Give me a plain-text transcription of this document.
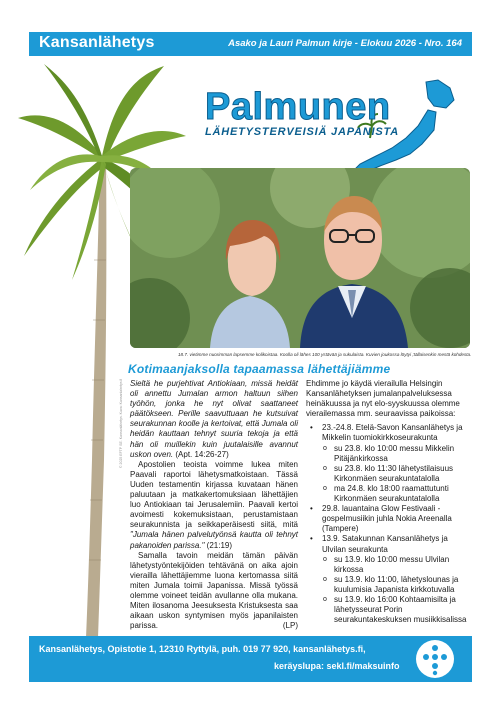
Kansanlähetys	Asako ja Lauri Palmun kirje - Elokuu 2026 - Nro. 164
Palmunen
LÄHETYSTERVEISIÄ JAPANISTA
18.7. vietimme nuorimman lapsemme kolikoistaa. Koolla oli lähes 100 ystävää ja sukulaista. Kuvien joukossa löytyi ;tällaisenkin mestä kohdesta.
Kotimaanjaksolla tapaamassa lähettäjiämme
© 2025 EFTP SE. Kansanlähetys. Kuva: Kansanlahetys.fi Sieltä he purjehtivat Antiokiaan, missä heidät oli annettu Jumalan armon haltuun siihen työhön, jonka he nyt olivat saattaneet päätökseen. Perille saavuttuaan he kutsuivat seurakunnan koolle ja kertoivat, että Jumala oli heidän kauttaan tehnyt suuria tekoja ja että hän oli muillekin kuin juutalaisille avannut uskon oven. (Apt. 14:26-27)

Apostolien teoista voimme lukea miten Paavali raportoi lähetysmatkoistaan. Tässä Uuden testamentin kirjassa kuvataan hänen paluutaan ja matkakertomuksiaan lähettäjien luo Antiokiaan tai Jerusalemiin. Paavali kertoi avoimesti kokemuksistaan, perustamistaan seurakunnista ja seikkaperäisesti siitä, mitä "Jumala hänen palvelutyönsä kautta oli tehnyt pakanoiden parissa." (21:19)

Samalla tavoin meidän tämän päivän lähetystyöntekijöiden tehtävänä on aika ajoin vierailla lähettäjiemme luona kertomassa siitä miten Jumala toimii Japanissa. Missä työssä olemme voineet teidän avullanne olla mukana. Miten ilosanoma Jeesuksesta Kristuksesta saa aikaan uskon syntymisen myös japanilaisten parissa.	(LP)

Ehdimme jo käydä vierailulla Helsingin Kansanlähetyksen jumalanpalveluksessa heinäkuussa ja nyt elo-syyskuussa olemme vierailemassa mm. seuraavissa paikoissa:

• 23.-24.8. Etelä-Savon Kansanlähetys ja Mikkelin tuomiokirkkoseurakunta
o su 23.8. klo 10:00 messu Mikkelin Pitäjänkirkossa
o su 23.8. klo 11:30 lähetystilaisuus Kirkonmäen seurakuntatalolla
o ma 24.8. klo 18:00 raamattutunti Kirkonmäen seurakuntatalolla
• 29.8. lauantaina Glow Festivaali - gospelmusiikin juhla Nokia Areenalla (Tampere)
• 13.9. Satakunnan Kansanlähetys ja Ulvilan seurakunta
o su 13.9. klo 10:00 messu Ulvilan kirkossa
o su 13.9. klo 11:00, lähetyslounas ja kuulumisia Japanista kirkkotuvalla
o su 13.9. klo 16:00 Kohtaamisilta ja lähetysseurat Porin seurakuntakeskuksen musiikkisalissa
Kansanlähetys, Opistotie 1, 12310 Ryttylä, puh. 019 77 920, kansanlähetys.fi,
keräyslupa: sekl.fi/maksuinfo
